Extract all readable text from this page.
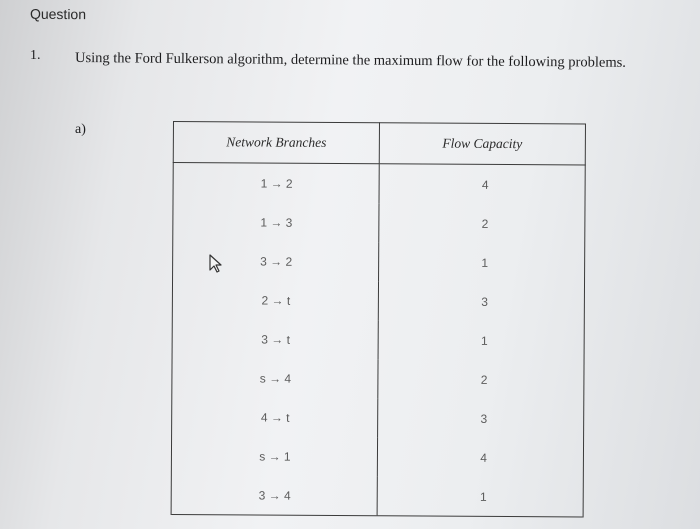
Question
1. Using the Ford Fulkerson algorithm, determine the maximum flow for the following problems.
a)
Network Branches	Flow Capacity
1 → 2	4
1 → 3	2
3 → 2	1
2 → t	3
3 → t	1
s → 4	2
4 → t	3
s → 1	4
3 → 4	1
